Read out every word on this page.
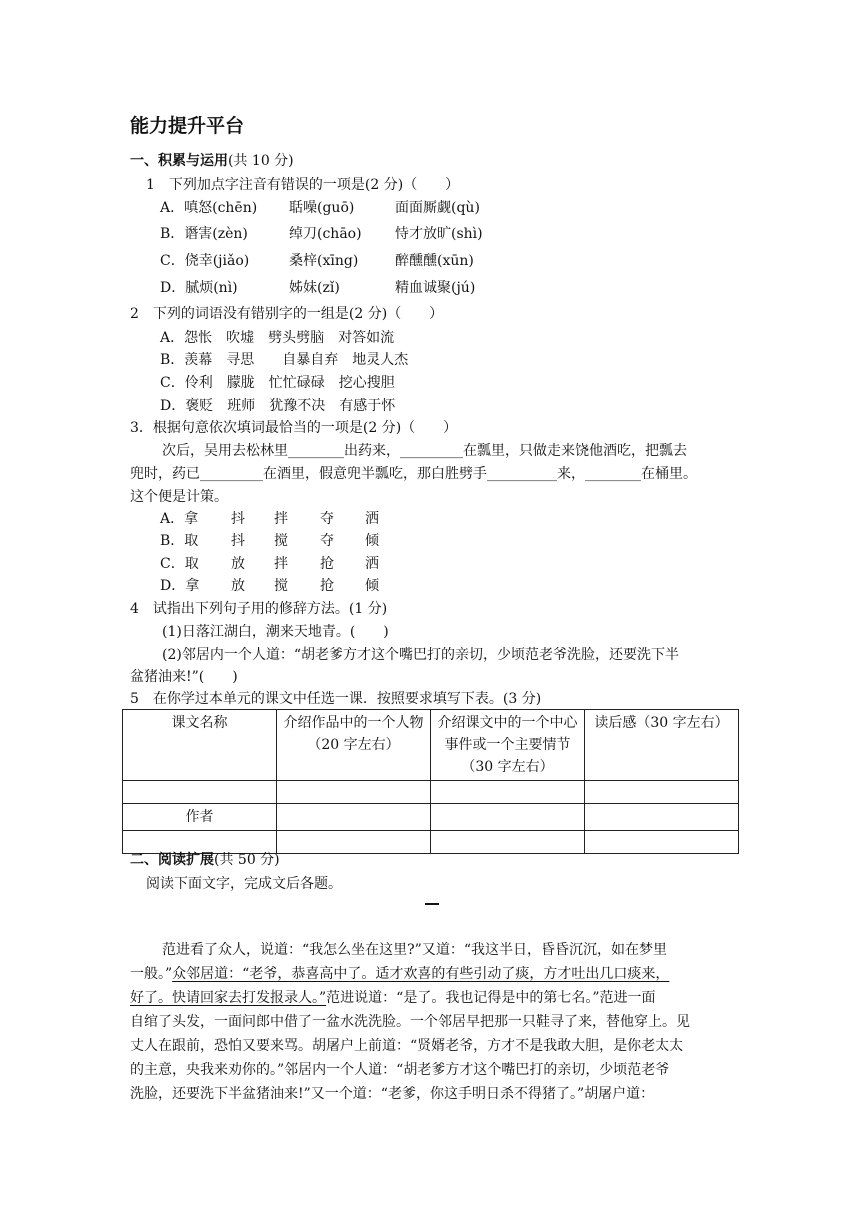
能力提升平台
一、积累与运用(共 10 分)
1　下列加点字注音有错误的一项是(2 分)（　　）
A．嗔怒(chēn) 聒噪(guō)	面面厮觑(qù)
B．谮害(zèn)	绰刀(chāo) 恃才放旷(shì)
C．侥幸(jiǎo)	桑梓(xīng)	醉醺醺(xūn)
D．腻烦(nì)	姊妹(zǐ)	精血诚聚(jú)
2　下列的词语没有错别字的一组是(2 分)（　　）
A．怨怅　吹墟　劈头劈脑　对答如流
B．羡幕　寻思　　自暴自弃　地灵人杰
C．伶利　朦胧　忙忙碌碌　挖心搜胆
D．褒贬　班师　犹豫不决　有感于怀
3．根据句意依次填词最恰当的一项是(2 分)（　　）
次后，吴用去松林里________出药来，_________在瓢里，只做走来饶他酒吃，把瓢去
兜时，药已_________在酒里，假意兜半瓢吃，那白胜劈手__________来，________在桶里。
这个便是计策。
A．拿 抖 拌 夺 洒
B．取 抖 搅 夺 倾
C．取 放 拌 抢 洒
D．拿 放 搅 抢 倾
4　试指出下列句子用的修辞方法。(1 分)
(1)日落江湖白，潮来天地青。(　　)
(2)邻居内一个人道：“胡老爹方才这个嘴巴打的亲切，少顷范老爷洗脸，还要洗下半
盆猪油来!”(　　)
5　在你学过本单元的课文中任选一课．按照要求填写下表。(3 分)
课文名称	介绍作品中的一个人物（20 字左右）	介绍课文中的一个中心事件或一个主要情节（30 字左右）	读后感（30 字左右）

作者			

二、阅读扩展(共 50 分)
阅读下面文字，完成文后各题。
范进看了众人，说道：“我怎么坐在这里?”又道：“我这半日，昏昏沉沉，如在梦里
一般。”众邻居道：“老爷，恭喜高中了。适才欢喜的有些引动了痰，方才吐出几口痰来，
好了。快请回家去打发报录人。”范进说道：“是了。我也记得是中的第七名。”范进一面
自绾了头发，一面问郎中借了一盆水洗洗脸。一个邻居早把那一只鞋寻了来，替他穿上。见
丈人在跟前，恐怕又要来骂。胡屠户上前道：“贤婿老爷，方才不是我敢大胆，是你老太太
的主意，央我来劝你的。”邻居内一个人道：“胡老爹方才这个嘴巴打的亲切，少顷范老爷
洗脸，还要洗下半盆猪油来!”又一个道：“老爹，你这手明日杀不得猪了。”胡屠户道：
